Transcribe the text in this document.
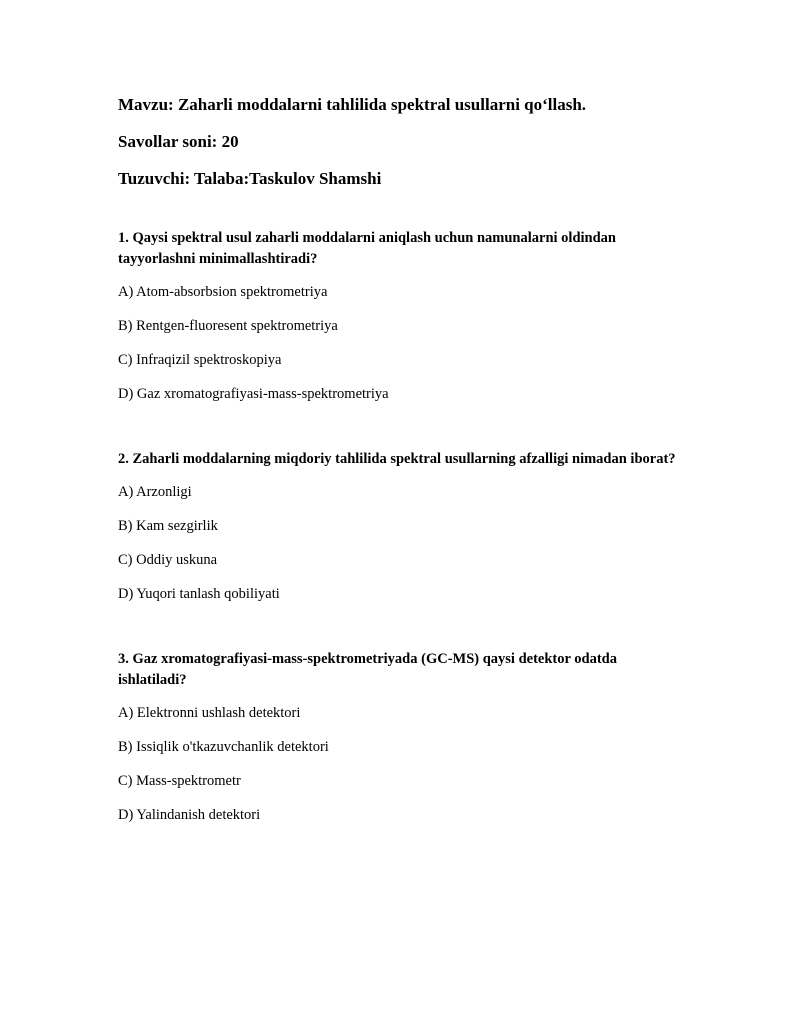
Mavzu: Zaharli moddalarni tahlilida spektral usullarni qo‘llash.
Savollar soni: 20
Tuzuvchi: Talaba:Taskulov Shamshi
1. Qaysi spektral usul zaharli moddalarni aniqlash uchun namunalarni oldindan tayyorlashni minimallashtiradi?
A) Atom-absorbsion spektrometriya
B) Rentgen-fluoresent spektrometriya
C) Infraqizil spektroskopiya
D) Gaz xromatografiyasi-mass-spektrometriya
2. Zaharli moddalarning miqdoriy tahlilida spektral usullarning afzalligi nimadan iborat?
A) Arzonligi
B) Kam sezgirlik
C) Oddiy uskuna
D) Yuqori tanlash qobiliyati
3. Gaz xromatografiyasi-mass-spektrometriyada (GC-MS) qaysi detektor odatda ishlatiladi?
A) Elektronni ushlash detektori
B) Issiqlik o'tkazuvchanlik detektori
C) Mass-spektrometr
D) Yalindanish detektori
